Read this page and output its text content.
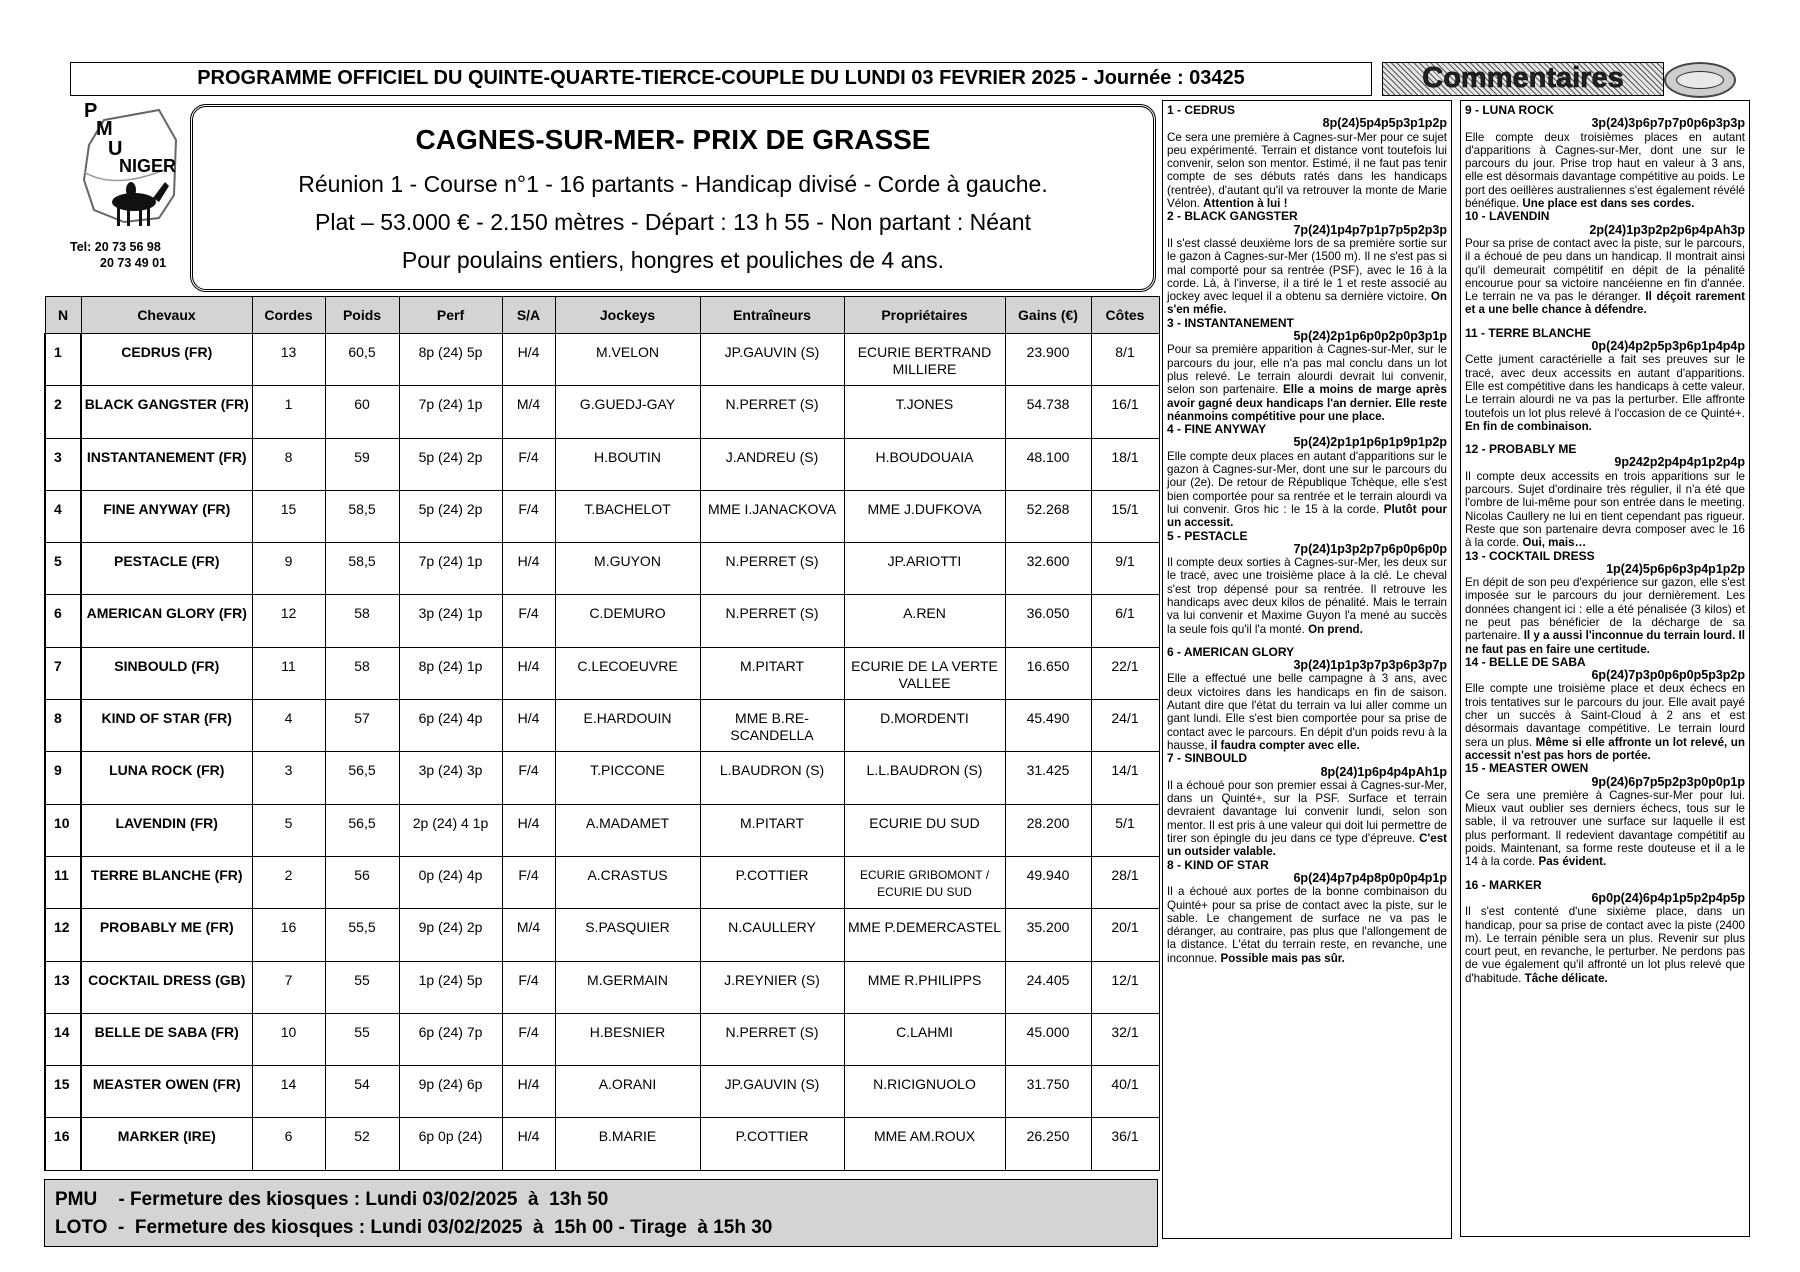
PROGRAMME OFFICIEL DU QUINTE-QUARTE-TIERCE-COUPLE DU LUNDI 03 FEVRIER 2025 - Journée : 03425	Commentaires
P
M
U
NIGER
Tel: 20 73 56 98
20 73 49 01
CAGNES-SUR-MER- PRIX DE GRASSE
Réunion 1 - Course n°1 - 16 partants - Handicap divisé - Corde à gauche.
Plat – 53.000 € - 2.150 mètres - Départ : 13 h 55 - Non partant : Néant
Pour poulains entiers, hongres et pouliches de 4 ans.
N	Chevaux	Cordes	Poids	Perf	S/A	Jockeys	Entraîneurs	Propriétaires	Gains (€)	Côtes
1	CEDRUS (FR)	13	60,5	8p (24) 5p	H/4	M.VELON	JP.GAUVIN (S)	ECURIE BERTRAND MILLIERE	23.900	8/1
2	BLACK GANGSTER (FR)	1	60	7p (24) 1p	M/4	G.GUEDJ-GAY	N.PERRET (S)	T.JONES	54.738	16/1
3	INSTANTANEMENT (FR)	8	59	5p (24) 2p	F/4	H.BOUTIN	J.ANDREU (S)	H.BOUDOUAIA	48.100	18/1
4	FINE ANYWAY (FR)	15	58,5	5p (24) 2p	F/4	T.BACHELOT	MME I.JANACKOVA	MME J.DUFKOVA	52.268	15/1
5	PESTACLE (FR)	9	58,5	7p (24) 1p	H/4	M.GUYON	N.PERRET (S)	JP.ARIOTTI	32.600	9/1
6	AMERICAN GLORY (FR)	12	58	3p (24) 1p	F/4	C.DEMURO	N.PERRET (S)	A.REN	36.050	6/1
7	SINBOULD (FR)	11	58	8p (24) 1p	H/4	C.LECOEUVRE	M.PITART	ECURIE DE LA VERTE VALLEE	16.650	22/1
8	KIND OF STAR (FR)	4	57	6p (24) 4p	H/4	E.HARDOUIN	MME B.RE-SCANDELLA	D.MORDENTI	45.490	24/1
9	LUNA ROCK (FR)	3	56,5	3p (24) 3p	F/4	T.PICCONE	L.BAUDRON (S)	L.L.BAUDRON (S)	31.425	14/1
10	LAVENDIN (FR)	5	56,5	2p (24) 4 1p	H/4	A.MADAMET	M.PITART	ECURIE DU SUD	28.200	5/1
11	TERRE BLANCHE (FR)	2	56	0p (24) 4p	F/4	A.CRASTUS	P.COTTIER	ECURIE GRIBOMONT / ECURIE DU SUD	49.940	28/1
12	PROBABLY ME (FR)	16	55,5	9p (24) 2p	M/4	S.PASQUIER	N.CAULLERY	MME P.DEMERCASTEL	35.200	20/1
13	COCKTAIL DRESS (GB)	7	55	1p (24) 5p	F/4	M.GERMAIN	J.REYNIER (S)	MME R.PHILIPPS	24.405	12/1
14	BELLE DE SABA (FR)	10	55	6p (24) 7p	F/4	H.BESNIER	N.PERRET (S)	C.LAHMI	45.000	32/1
15	MEASTER OWEN (FR)	14	54	9p (24) 6p	H/4	A.ORANI	JP.GAUVIN (S)	N.RICIGNUOLO	31.750	40/1
16	MARKER (IRE)	6	52	6p 0p (24)	H/4	B.MARIE	P.COTTIER	MME AM.ROUX	26.250	36/1
PMU    - Fermeture des kiosques : Lundi 03/02/2025  à  13h 50
LOTO  -  Fermeture des kiosques : Lundi 03/02/2025  à  15h 00 - Tirage  à 15h 30
1 - CEDRUS
8p(24)5p4p5p3p1p2p
Ce sera une première à Cagnes-sur-Mer pour ce sujet peu expérimenté. Terrain et distance vont toutefois lui convenir, selon son mentor. Estimé, il ne faut pas tenir compte de ses débuts ratés dans les handicaps (rentrée), d'autant qu'il va retrouver la monte de Marie Vélon. Attention à lui !
2 - BLACK GANGSTER
7p(24)1p4p7p1p7p5p2p3p
Il s'est classé deuxième lors de sa première sortie sur le gazon à Cagnes-sur-Mer (1500 m). Il ne s'est pas si mal comporté pour sa rentrée (PSF), avec le 16 à la corde. Là, à l'inverse, il a tiré le 1 et reste associé au jockey avec lequel il a obtenu sa dernière victoire. On s'en méfie.
3 - INSTANTANEMENT
5p(24)2p1p6p0p2p0p3p1p
Pour sa première apparition à Cagnes-sur-Mer, sur le parcours du jour, elle n'a pas mal conclu dans un lot plus relevé. Le terrain alourdi devrait lui convenir, selon son partenaire. Elle a moins de marge après avoir gagné deux handicaps l'an dernier. Elle reste néanmoins compétitive pour une place.
4 - FINE ANYWAY
5p(24)2p1p1p6p1p9p1p2p
Elle compte deux places en autant d'apparitions sur le gazon à Cagnes-sur-Mer, dont une sur le parcours du jour (2e). De retour de République Tchèque, elle s'est bien comportée pour sa rentrée et le terrain alourdi va lui convenir. Gros hic : le 15 à la corde. Plutôt pour un accessit.
5 - PESTACLE
7p(24)1p3p2p7p6p0p6p0p
Il compte deux sorties à Cagnes-sur-Mer, les deux sur le tracé, avec une troisième place à la clé. Le cheval s'est trop dépensé pour sa rentrée. Il retrouve les handicaps avec deux kilos de pénalité. Mais le terrain va lui convenir et Maxime Guyon l'a mené au succès la seule fois qu'il l'a monté. On prend.
6 - AMERICAN GLORY
3p(24)1p1p3p7p3p6p3p7p
Elle a effectué une belle campagne à 3 ans, avec deux victoires dans les handicaps en fin de saison. Autant dire que l'état du terrain va lui aller comme un gant lundi. Elle s'est bien comportée pour sa prise de contact avec le parcours. En dépit d'un poids revu à la hausse, il faudra compter avec elle.
7 - SINBOULD
8p(24)1p6p4p4pAh1p
Il a échoué pour son premier essai à Cagnes-sur-Mer, dans un Quinté+, sur la PSF. Surface et terrain devraient davantage lui convenir lundi, selon son mentor. Il est pris à une valeur qui doit lui permettre de tirer son épingle du jeu dans ce type d'épreuve. C'est un outsider valable.
8 - KIND OF STAR
6p(24)4p7p4p8p0p0p4p1p
Il a échoué aux portes de la bonne combinaison du Quinté+ pour sa prise de contact avec la piste, sur le sable. Le changement de surface ne va pas le déranger, au contraire, pas plus que l'allongement de la distance. L'état du terrain reste, en revanche, une inconnue. Possible mais pas sûr.
9 - LUNA ROCK
3p(24)3p6p7p7p0p6p3p3p
Elle compte deux troisièmes places en autant d'apparitions à Cagnes-sur-Mer, dont une sur le parcours du jour. Prise trop haut en valeur à 3 ans, elle est désormais davantage compétitive au poids. Le port des oeillères australiennes s'est également révélé bénéfique. Une place est dans ses cordes.
10 - LAVENDIN
2p(24)1p3p2p2p6p4pAh3p
Pour sa prise de contact avec la piste, sur le parcours, il a échoué de peu dans un handicap. Il montrait ainsi qu'il demeurait compétitif en dépit de la pénalité encourue pour sa victoire nancéienne en fin d'année. Le terrain ne va pas le déranger. Il déçoit rarement et a une belle chance à défendre.
11 - TERRE BLANCHE
0p(24)4p2p5p3p6p1p4p4p
Cette jument caractérielle a fait ses preuves sur le tracé, avec deux accessits en autant d'apparitions. Elle est compétitive dans les handicaps à cette valeur. Le terrain alourdi ne va pas la perturber. Elle affronte toutefois un lot plus relevé à l'occasion de ce Quinté+. En fin de combinaison.
12 - PROBABLY ME
9p242p2p4p4p1p2p4p
Il compte deux accessits en trois apparitions sur le parcours. Sujet d'ordinaire très régulier, il n'a été que l'ombre de lui-même pour son entrée dans le meeting. Nicolas Caullery ne lui en tient cependant pas rigueur. Reste que son partenaire devra composer avec le 16 à la corde. Oui, mais…
13 - COCKTAIL DRESS
1p(24)5p6p6p3p4p1p2p
En dépit de son peu d'expérience sur gazon, elle s'est imposée sur le parcours du jour dernièrement. Les données changent ici : elle a été pénalisée (3 kilos) et ne peut pas bénéficier de la décharge de sa partenaire. Il y a aussi l'inconnue du terrain lourd. Il ne faut pas en faire une certitude.
14 - BELLE DE SABA
6p(24)7p3p0p6p0p5p3p2p
Elle compte une troisième place et deux échecs en trois tentatives sur le parcours du jour. Elle avait payé cher un succès à Saint-Cloud à 2 ans et est désormais davantage compétitive. Le terrain lourd sera un plus. Même si elle affronte un lot relevé, un accessit n'est pas hors de portée.
15 - MEASTER OWEN
9p(24)6p7p5p2p3p0p0p1p
Ce sera une première à Cagnes-sur-Mer pour lui. Mieux vaut oublier ses derniers échecs, tous sur le sable, il va retrouver une surface sur laquelle il est plus performant. Il redevient davantage compétitif au poids. Maintenant, sa forme reste douteuse et il a le 14 à la corde. Pas évident.
16 - MARKER
6p0p(24)6p4p1p5p2p4p5p
Il s'est contenté d'une sixième place, dans un handicap, pour sa prise de contact avec la piste (2400 m). Le terrain pénible sera un plus. Revenir sur plus court peut, en revanche, le perturber. Ne perdons pas de vue également qu'il affronté un lot plus relevé que d'habitude. Tâche délicate.
